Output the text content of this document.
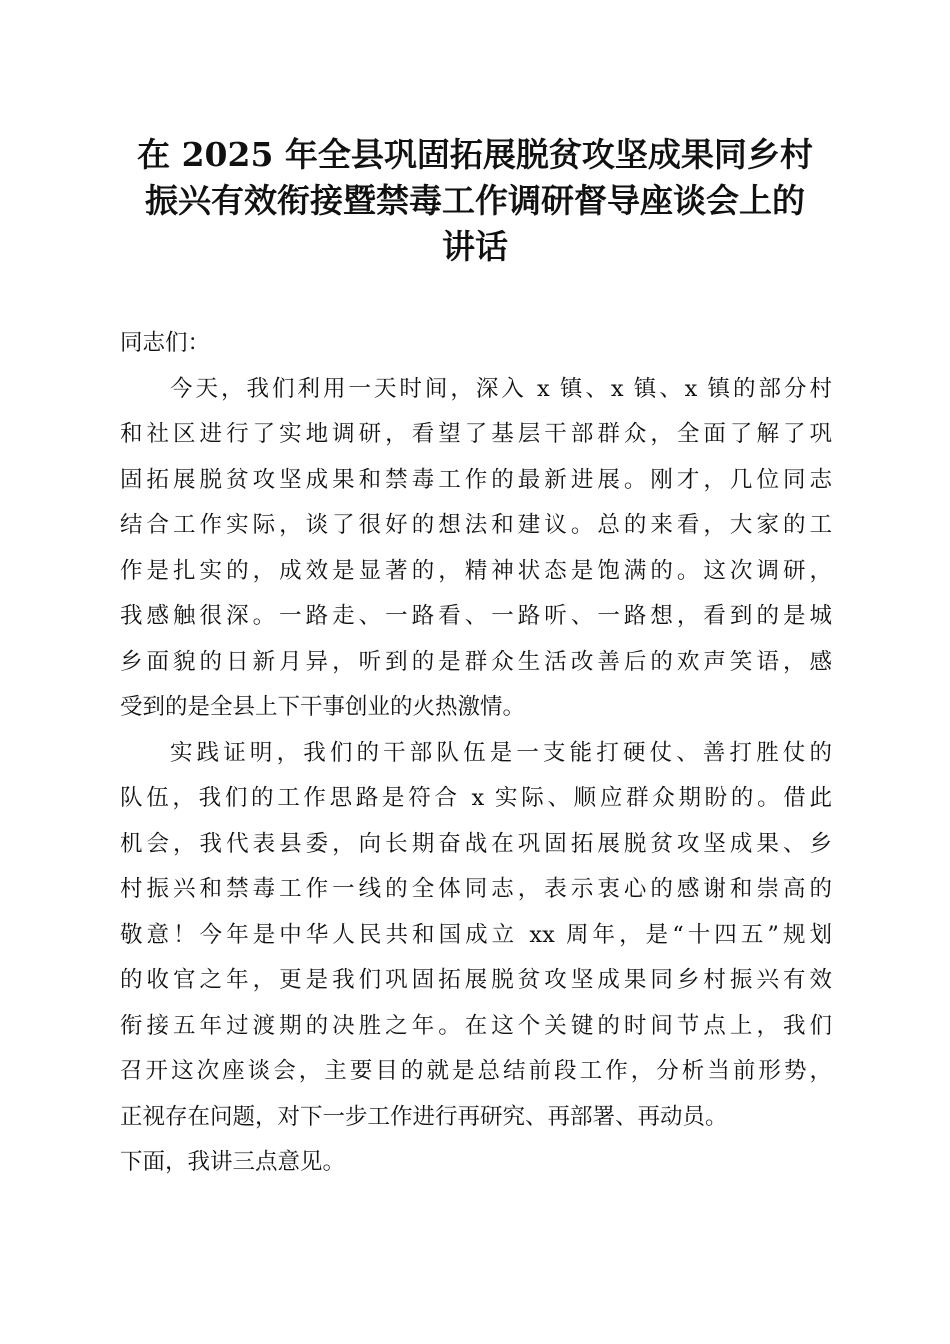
在 2025 年全县巩固拓展脱贫攻坚成果同乡村
振兴有效衔接暨禁毒工作调研督导座谈会上的
讲话
同志们：
今天，我们利用一天时间，深入 x 镇、x 镇、x 镇的部分村
和社区进行了实地调研，看望了基层干部群众，全面了解了巩
固拓展脱贫攻坚成果和禁毒工作的最新进展。刚才，几位同志
结合工作实际，谈了很好的想法和建议。总的来看，大家的工
作是扎实的，成效是显著的，精神状态是饱满的。这次调研，
我感触很深。一路走、一路看、一路听、一路想，看到的是城
乡面貌的日新月异，听到的是群众生活改善后的欢声笑语，感
受到的是全县上下干事创业的火热激情。
实践证明，我们的干部队伍是一支能打硬仗、善打胜仗的
队伍，我们的工作思路是符合 x 实际、顺应群众期盼的。借此
机会，我代表县委，向长期奋战在巩固拓展脱贫攻坚成果、乡
村振兴和禁毒工作一线的全体同志，表示衷心的感谢和崇高的
敬意！今年是中华人民共和国成立 xx 周年，是“十四五”规划
的收官之年，更是我们巩固拓展脱贫攻坚成果同乡村振兴有效
衔接五年过渡期的决胜之年。在这个关键的时间节点上，我们
召开这次座谈会，主要目的就是总结前段工作，分析当前形势，
正视存在问题，对下一步工作进行再研究、再部署、再动员。
下面，我讲三点意见。
